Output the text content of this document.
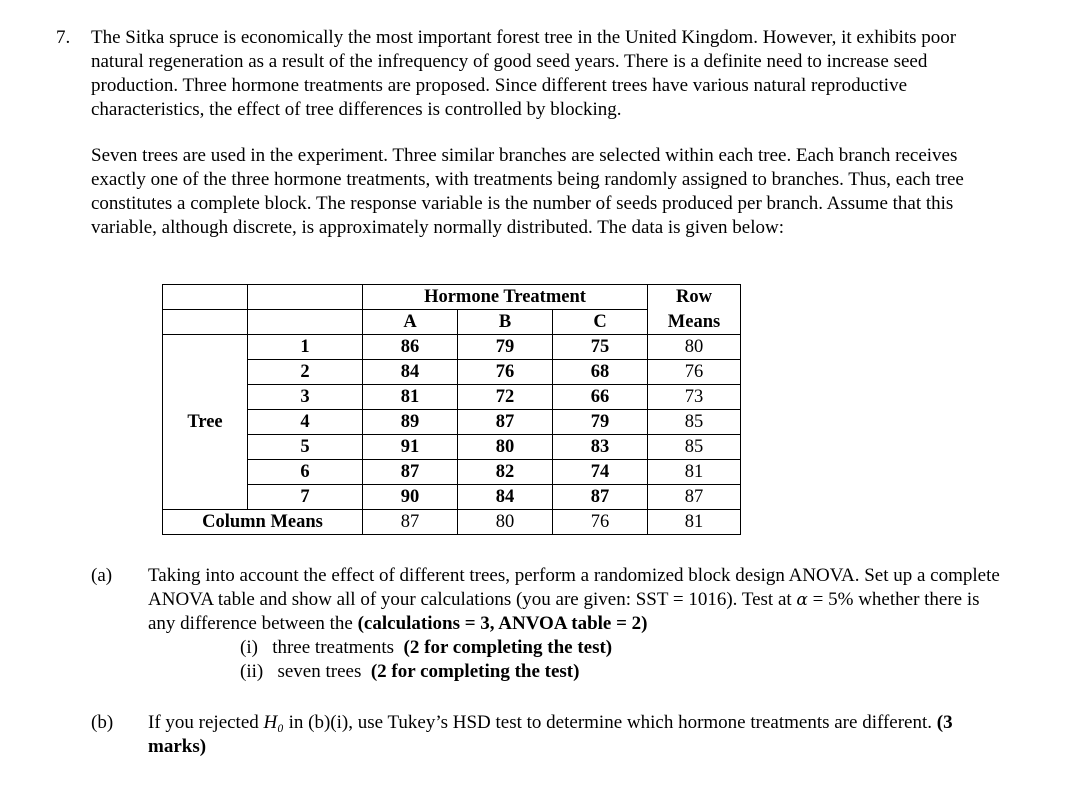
7. The Sitka spruce is economically the most important forest tree in the United Kingdom. However, it exhibits poor natural regeneration as a result of the infrequency of good seed years. There is a definite need to increase seed production. Three hormone treatments are proposed. Since different trees have various natural reproductive characteristics, the effect of tree differences is controlled by blocking.
Seven trees are used in the experiment. Three similar branches are selected within each tree. Each branch receives exactly one of the three hormone treatments, with treatments being randomly assigned to branches. Thus, each tree constitutes a complete block. The response variable is the number of seeds produced per branch. Assume that this variable, although discrete, is approximately normally distributed. The data is given below:
		Hormone Treatment			Row
		A	B	C	Means
Tree	1	86	79	75	80
	2	84	76	68	76
	3	81	72	66	73
	4	89	87	79	85
	5	91	80	83	85
	6	87	82	74	81
	7	90	84	87	87
Column Means		87	80	76	81
(a) Taking into account the effect of different trees, perform a randomized block design ANOVA. Set up a complete ANOVA table and show all of your calculations (you are given: SST = 1016). Test at α = 5% whether there is any difference between the (calculations = 3, ANVOA table = 2)
(i) three treatments (2 for completing the test)
(ii) seven trees (2 for completing the test)
(b) If you rejected H₀ in (b)(i), use Tukey’s HSD test to determine which hormone treatments are different. (3 marks)
